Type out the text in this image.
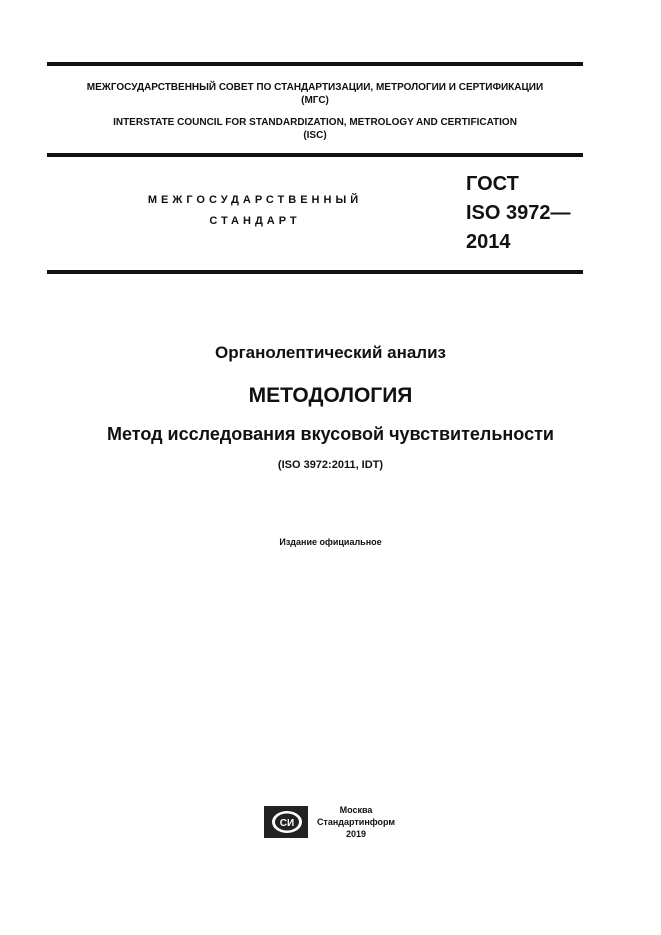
МЕЖГОСУДАРСТВЕННЫЙ СОВЕТ ПО СТАНДАРТИЗАЦИИ, МЕТРОЛОГИИ И СЕРТИФИКАЦИИ
(МГС)
INTERSTATE COUNCIL FOR STANDARDIZATION, METROLOGY AND CERTIFICATION
(ISC)
МЕЖГОСУДАРСТВЕННЫЙ
СТАНДАРТ
ГОСТ
ISO 3972—
2014
Органолептический анализ
МЕТОДОЛОГИЯ
Метод исследования вкусовой чувствительности
(ISO 3972:2011, IDT)
Издание официальное
СИ
Москва
Стандартинформ
2019
